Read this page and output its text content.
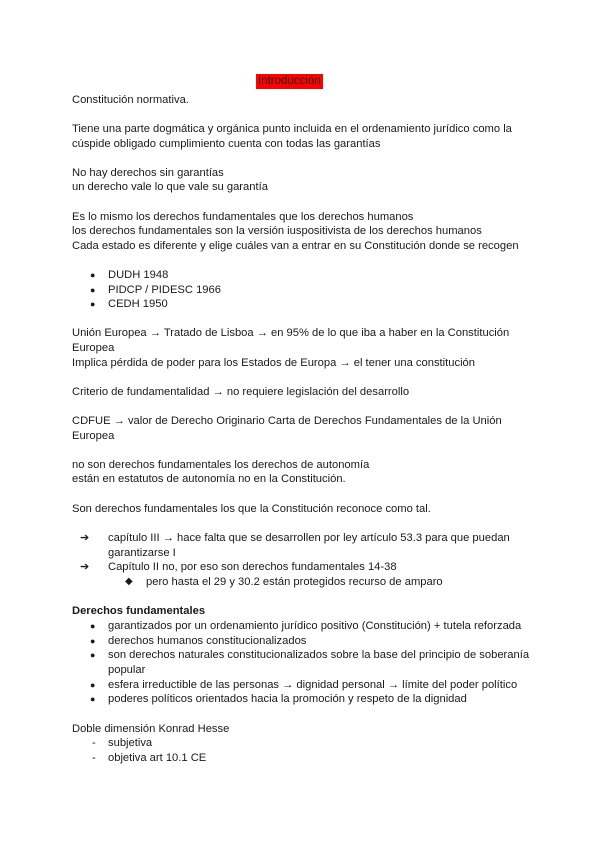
Introducción
Constitución normativa.
Tiene una parte dogmática y orgánica punto incluida en el ordenamiento jurídico como la
cúspide obligado cumplimiento cuenta con todas las garantías
No hay derechos sin garantías
un derecho vale lo que vale su garantía
Es lo mismo los derechos fundamentales que los derechos humanos
los derechos fundamentales son la versión iuspositivista de los derechos humanos
Cada estado es diferente y elige cuáles van a entrar en su Constitución donde se recogen
● DUDH 1948
● PIDCP / PIDESC 1966
● CEDH 1950
Unión Europea → Tratado de Lisboa → en 95% de lo que iba a haber en la Constitución
Europea
Implica pérdida de poder para los Estados de Europa → el tener una constitución
Criterio de fundamentalidad → no requiere legislación del desarrollo
CDFUE → valor de Derecho Originario Carta de Derechos Fundamentales de la Unión
Europea
no son derechos fundamentales los derechos de autonomía
están en estatutos de autonomía no en la Constitución.
Son derechos fundamentales los que la Constitución reconoce como tal.
➔ capítulo III → hace falta que se desarrollen por ley artículo 53.3 para que puedan
garantizarse I
➔ Capítulo II no, por eso son derechos fundamentales 14-38
◆ pero hasta el 29 y 30.2 están protegidos recurso de amparo
Derechos fundamentales
● garantizados por un ordenamiento jurídico positivo (Constitución) + tutela reforzada
● derechos humanos constitucionalizados
● son derechos naturales constitucionalizados sobre la base del principio de soberanía
popular
● esfera irreductible de las personas → dignidad personal → límite del poder político
● poderes políticos orientados hacia la promoción y respeto de la dignidad
Doble dimensión Konrad Hesse
- subjetiva
- objetiva art 10.1 CE
